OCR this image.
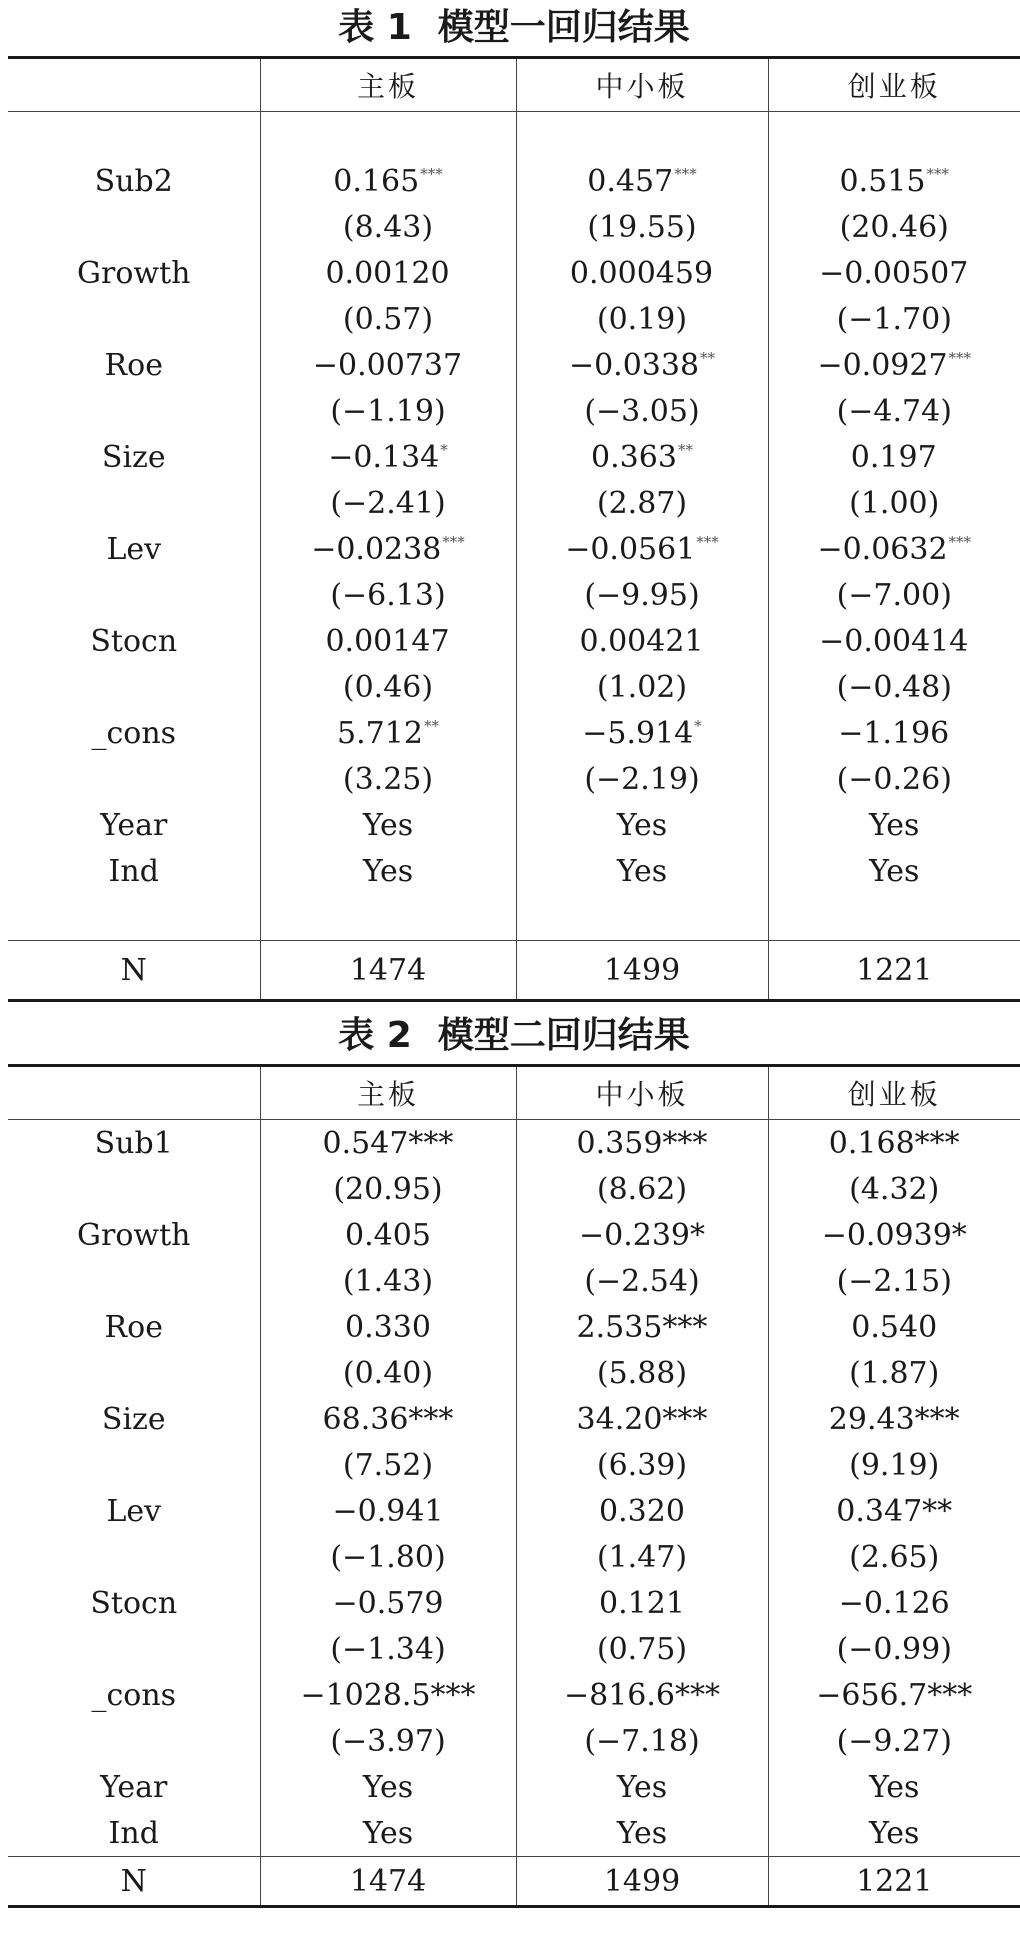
表 1 模型一回归结果
	主板	中小板	创业板

Sub2	0.165***	0.457***	0.515***
	(8.43)	(19.55)	(20.46)
Growth	0.00120	0.000459	−0.00507
	(0.57)	(0.19)	(−1.70)
Roe	−0.00737	−0.0338**	−0.0927***
	(−1.19)	(−3.05)	(−4.74)
Size	−0.134*	0.363**	0.197
	(−2.41)	(2.87)	(1.00)
Lev	−0.0238***	−0.0561***	−0.0632***
	(−6.13)	(−9.95)	(−7.00)
Stocn	0.00147	0.00421	−0.00414
	(0.46)	(1.02)	(−0.48)
_cons	5.712**	−5.914*	−1.196
	(3.25)	(−2.19)	(−0.26)
Year	Yes	Yes	Yes
Ind	Yes	Yes	Yes

N	1474	1499	1221
表 2 模型二回归结果
	主板	中小板	创业板
Sub1	0.547***	0.359***	0.168***
	(20.95)	(8.62)	(4.32)
Growth	0.405	−0.239*	−0.0939*
	(1.43)	(−2.54)	(−2.15)
Roe	0.330	2.535***	0.540
	(0.40)	(5.88)	(1.87)
Size	68.36***	34.20***	29.43***
	(7.52)	(6.39)	(9.19)
Lev	−0.941	0.320	0.347**
	(−1.80)	(1.47)	(2.65)
Stocn	−0.579	0.121	−0.126
	(−1.34)	(0.75)	(−0.99)
_cons	−1028.5***	−816.6***	−656.7***
	(−3.97)	(−7.18)	(−9.27)
Year	Yes	Yes	Yes
Ind	Yes	Yes	Yes
N	1474	1499	1221
